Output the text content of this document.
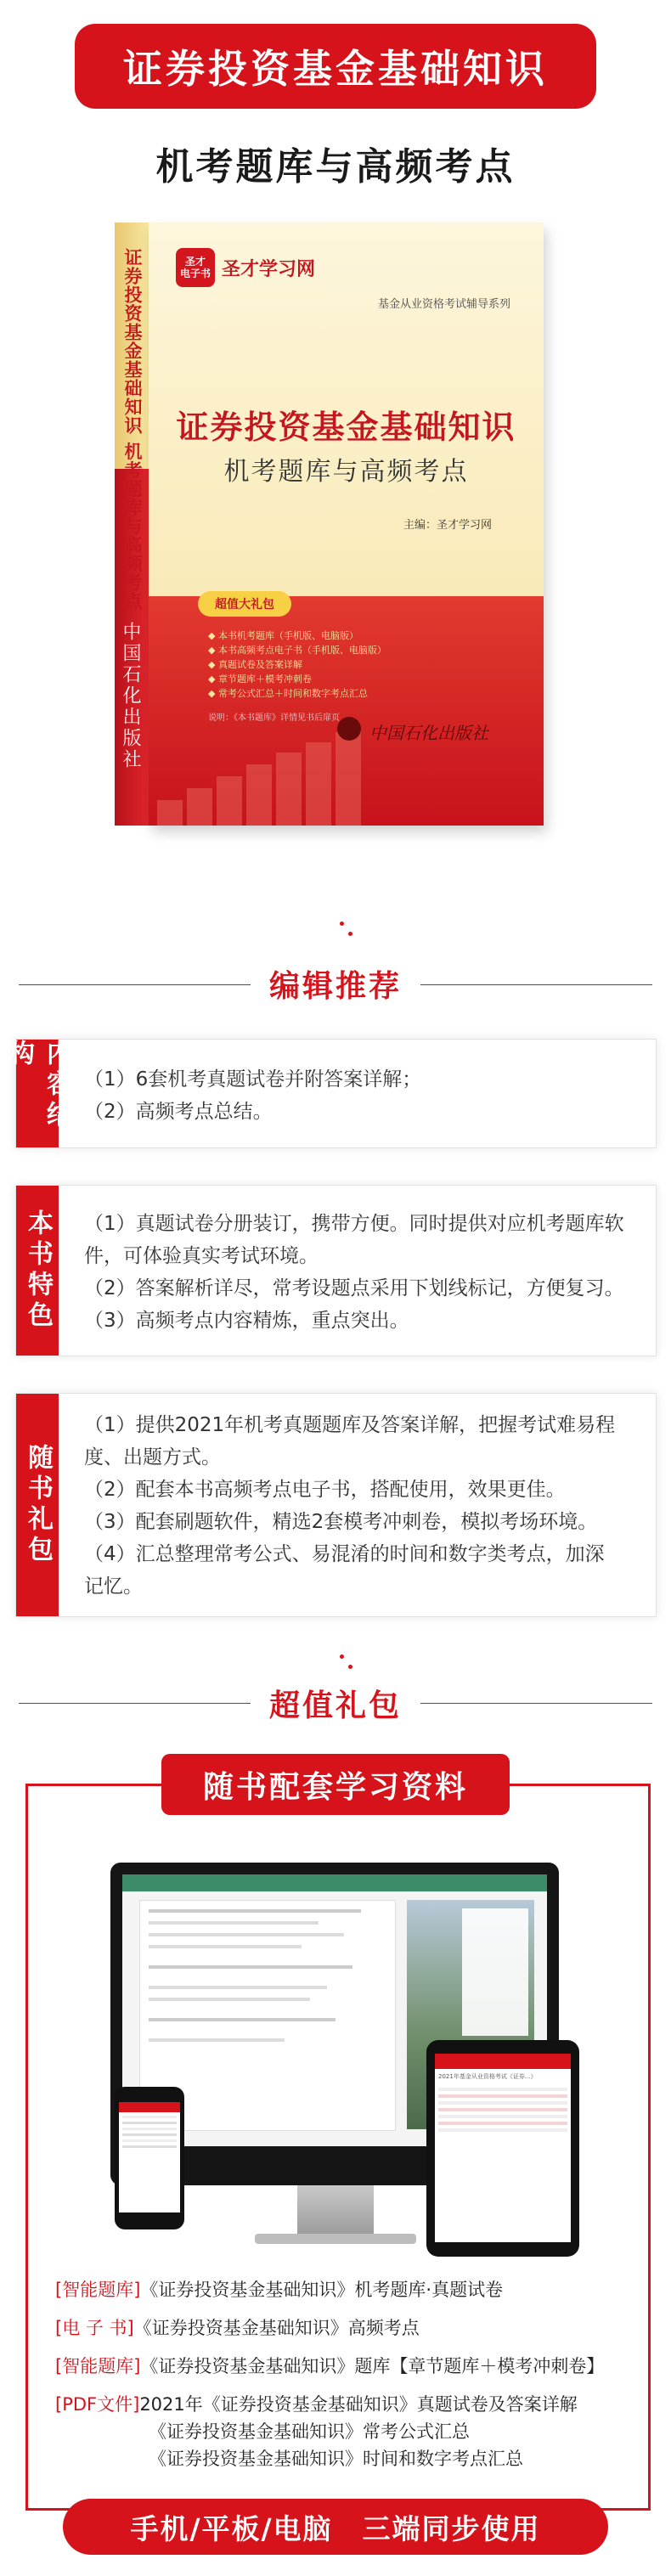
证券投资基金基础知识
机考题库与高频考点
证券投资基金基础知识 机考题库与高频考点
中国石化出版社
圣才
电子书 圣才学习网
基金从业资格考试辅导系列
证券投资基金基础知识
机考题库与高频考点
主编：圣才学习网
超值大礼包
◆ 本书机考题库（手机版、电脑版）
◆ 本书高频考点电子书（手机版、电脑版）
◆ 真题试卷及答案详解
◆ 章节题库＋模考冲刺卷
◆ 常考公式汇总＋时间和数字考点汇总
说明：《本书题库》详情见书后扉页
中国石化出版社
编辑推荐
内容结构
（1）6套机考真题试卷并附答案详解；
（2）高频考点总结。
本书特色	（1）真题试卷分册装订，携带方便。同时提供对应机考题库软
件，可体验真实考试环境。
（2）答案解析详尽，常考设题点采用下划线标记，方便复习。
（3）高频考点内容精炼，重点突出。
随书礼包
（1）提供2021年机考真题题库及答案详解，把握考试难易程
度、出题方式。
（2）配套本书高频考点电子书，搭配使用，效果更佳。
（3）配套刷题软件，精选2套模考冲刺卷，模拟考场环境。
（4）汇总整理常考公式、易混淆的时间和数字类考点，加深
记忆。
超值礼包
随书配套学习资料
2021年基金从业资格考试《证券...》
[智能题库]《证券投资基金基础知识》机考题库·真题试卷
[电 子 书]《证券投资基金基础知识》高频考点
[智能题库]《证券投资基金基础知识》题库【章节题库＋模考冲刺卷】
[PDF文件]2021年《证券投资基金基础知识》真题试卷及答案详解
《证券投资基金基础知识》常考公式汇总
《证券投资基金基础知识》时间和数字考点汇总
手机/平板/电脑　三端同步使用
